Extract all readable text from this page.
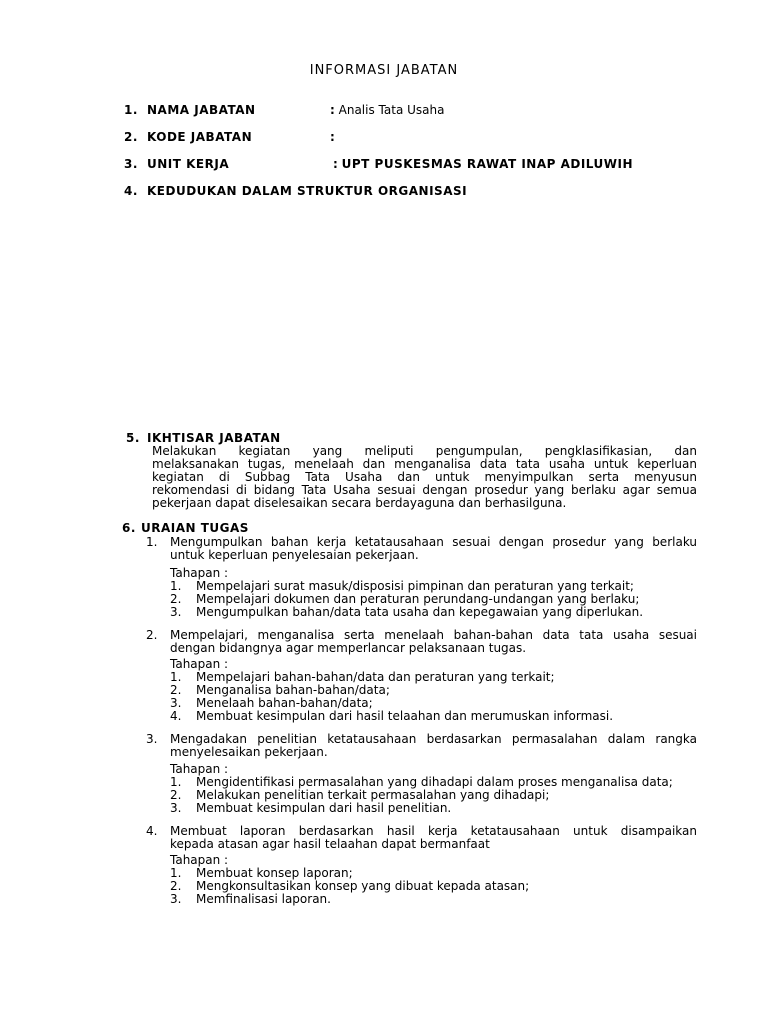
INFORMASI JABATAN
1. NAMA JABATAN	: Analis Tata Usaha
2. KODE JABATAN	:
3. UNIT KERJA	: UPT PUSKESMAS RAWAT INAP ADILUWIH
4. KEDUDUKAN DALAM STRUKTUR ORGANISASI
5. IKHTISAR JABATAN
Melakukan kegiatan yang meliputi pengumpulan, pengklasifikasian, dan
melaksanakan tugas, menelaah dan menganalisa data tata usaha untuk keperluan
kegiatan di Subbag Tata Usaha dan untuk menyimpulkan serta menyusun
rekomendasi di bidang Tata Usaha sesuai dengan prosedur yang berlaku agar semua
pekerjaan dapat diselesaikan secara berdayaguna dan berhasilguna.
6. URAIAN TUGAS
1. Mengumpulkan bahan kerja ketatausahaan sesuai dengan prosedur yang berlaku
untuk keperluan penyelesaian pekerjaan.
Tahapan :
1.	Mempelajari surat masuk/disposisi pimpinan dan peraturan yang terkait;
2.	Mempelajari dokumen dan peraturan perundang-undangan yang berlaku;
3.	Mengumpulkan bahan/data tata usaha dan kepegawaian yang diperlukan.
2. Mempelajari, menganalisa serta menelaah bahan-bahan data tata usaha sesuai
dengan bidangnya agar memperlancar pelaksanaan tugas.
Tahapan :
1.	Mempelajari bahan-bahan/data dan peraturan yang terkait;
2.	Menganalisa bahan-bahan/data;
3.	Menelaah bahan-bahan/data;
4.	Membuat kesimpulan dari hasil telaahan dan merumuskan informasi.
3. Mengadakan penelitian ketatausahaan berdasarkan permasalahan dalam rangka
menyelesaikan pekerjaan.
Tahapan :
1.	Mengidentifikasi permasalahan yang dihadapi dalam proses menganalisa data;
2.	Melakukan penelitian terkait permasalahan yang dihadapi;
3.	Membuat kesimpulan dari hasil penelitian.
4. Membuat laporan berdasarkan hasil kerja ketatausahaan untuk disampaikan
kepada atasan agar hasil telaahan dapat bermanfaat
Tahapan :
1.	Membuat konsep laporan;
2.	Mengkonsultasikan konsep yang dibuat kepada atasan;
3.	Memfinalisasi laporan.
